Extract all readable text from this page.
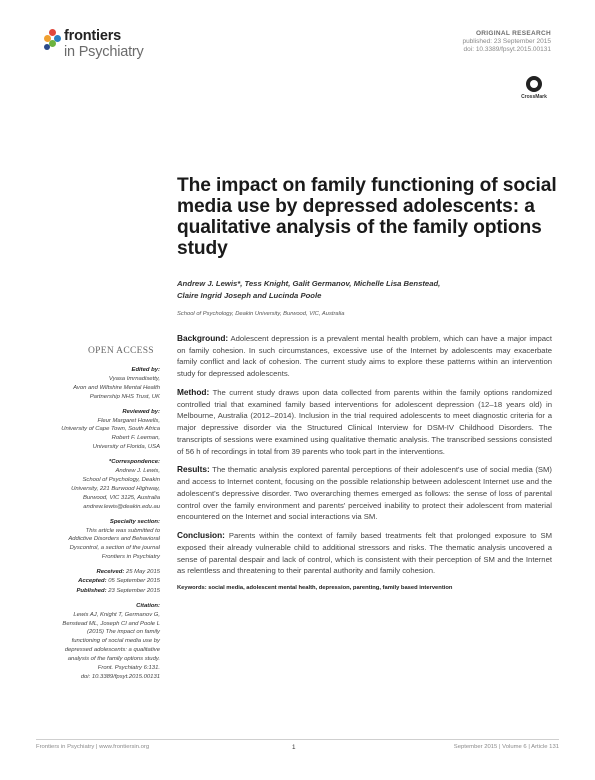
frontiers
in Psychiatry
ORIGINAL RESEARCH
published: 23 September 2015
doi: 10.3389/fpsyt.2015.00131
CrossMark
The impact on family functioning of social media use by depressed adolescents: a qualitative analysis of the family options study
Andrew J. Lewis*, Tess Knight, Galit Germanov, Michelle Lisa Benstead,
Claire Ingrid Joseph and Lucinda Poole
School of Psychology, Deakin University, Burwood, VIC, Australia
OPEN ACCESS
Edited by:
Vyasa Imrnadisetty,
Avon and Wiltshire Mental Health
Partnership NHS Trust, UK
Reviewed by:
Fleur Margaret Howells,
University of Cape Town, South Africa
Robert F. Leeman,
University of Florida, USA
*Correspondence:
Andrew J. Lewis,
School of Psychology, Deakin
University, 221 Burwood Highway,
Burwood, VIC 3125, Australia
andrew.lewis@deakin.edu.au
Specialty section:
This article was submitted to
Addictive Disorders and Behavioral
Dyscontrol, a section of the journal
Frontiers in Psychiatry
Received: 25 May 2015
Accepted: 05 September 2015
Published: 23 September 2015
Citation:
Lewis AJ, Knight T, Germanov G,
Benstead ML, Joseph CI and Poole L
(2015) The impact on family
functioning of social media use by
depressed adolescents: a qualitative
analysis of the family options study.
Front. Psychiatry 6:131.
doi: 10.3389/fpsyt.2015.00131

Background: Adolescent depression is a prevalent mental health problem, which can have a major impact on family cohesion. In such circumstances, excessive use of the Internet by adolescents may exacerbate family conflict and lack of cohesion. The current study aims to explore these patterns within an intervention study for depressed adolescents.

Method: The current study draws upon data collected from parents within the family options randomized controlled trial that examined family based interventions for adolescent depression (12–18 years old) in Melbourne, Australia (2012–2014). Inclusion in the trial required adolescents to meet diagnostic criteria for a major depressive disorder via the Structured Clinical Interview for DSM-IV Childhood Disorders. The transcripts of sessions were examined using qualitative thematic analysis. The transcribed sessions consisted of 56 h of recordings in total from 39 parents who took part in the interventions.

Results: The thematic analysis explored parental perceptions of their adolescent's use of social media (SM) and access to Internet content, focusing on the possible relationship between adolescent Internet use and the adolescent's depressive disorder. Two overarching themes emerged as follows: the sense of loss of parental control over the family environment and parents' perceived inability to protect their adolescent from material encountered on the Internet and social interactions via SM.

Conclusion: Parents within the context of family based treatments felt that prolonged exposure to SM exposed their already vulnerable child to additional stressors and risks. The thematic analysis uncovered a sense of parental despair and lack of control, which is consistent with their perception of SM and the Internet as relentless and threatening to their parental authority and family cohesion.

Keywords: social media, adolescent mental health, depression, parenting, family based intervention
Frontiers in Psychiatry | www.frontiersin.org	1	September 2015 | Volume 6 | Article 131
